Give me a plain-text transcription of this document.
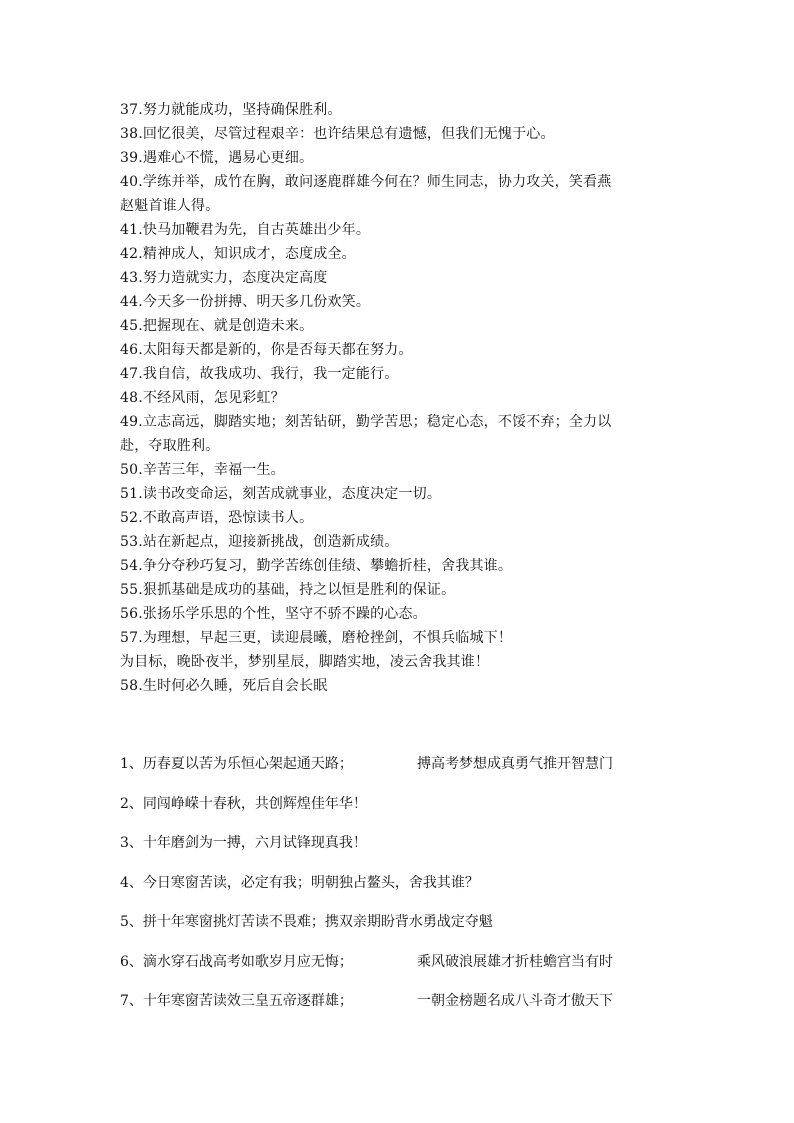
37.努力就能成功，坚持确保胜利。
38.回忆很美，尽管过程艰辛：也许结果总有遗憾，但我们无愧于心。
39.遇难心不慌，遇易心更细。
40.学练并举，成竹在胸，敢问逐鹿群雄今何在？师生同志，协力攻关，笑看燕
赵魁首谁人得。
41.快马加鞭君为先，自古英雄出少年。
42.精神成人，知识成才，态度成全。
43.努力造就实力，态度决定高度
44.今天多一份拼搏、明天多几份欢笑。
45.把握现在、就是创造未来。
46.太阳每天都是新的，你是否每天都在努力。
47.我自信，故我成功、我行，我一定能行。
48.不经风雨，怎见彩虹？
49.立志高远，脚踏实地；刻苦钻研，勤学苦思；稳定心态，不馁不弃；全力以
赴，夺取胜利。
50.辛苦三年，幸福一生。
51.读书改变命运，刻苦成就事业，态度决定一切。
52.不敢高声语，恐惊读书人。
53.站在新起点，迎接新挑战，创造新成绩。
54.争分夺秒巧复习，勤学苦练创佳绩、攀蟾折桂，舍我其谁。
55.狠抓基础是成功的基础，持之以恒是胜利的保证。
56.张扬乐学乐思的个性，坚守不骄不躁的心态。
57.为理想，早起三更，读迎晨曦，磨枪挫剑，不惧兵临城下！
为目标，晚卧夜半，梦别星辰，脚踏实地，凌云舍我其谁！
58.生时何必久睡，死后自会长眠
1、历春夏以苦为乐恒心架起通天路；	搏高考梦想成真勇气推开智慧门
2、同闯峥嵘十春秋，共创辉煌佳年华！
3、十年磨剑为一搏，六月试锋现真我！
4、今日寒窗苦读，必定有我；明朝独占鳌头，舍我其谁？
5、拼十年寒窗挑灯苦读不畏难；携双亲期盼背水勇战定夺魁
6、滴水穿石战高考如歌岁月应无悔；	乘风破浪展雄才折桂蟾宫当有时
7、十年寒窗苦读效三皇五帝逐群雄；	一朝金榜题名成八斗奇才傲天下
